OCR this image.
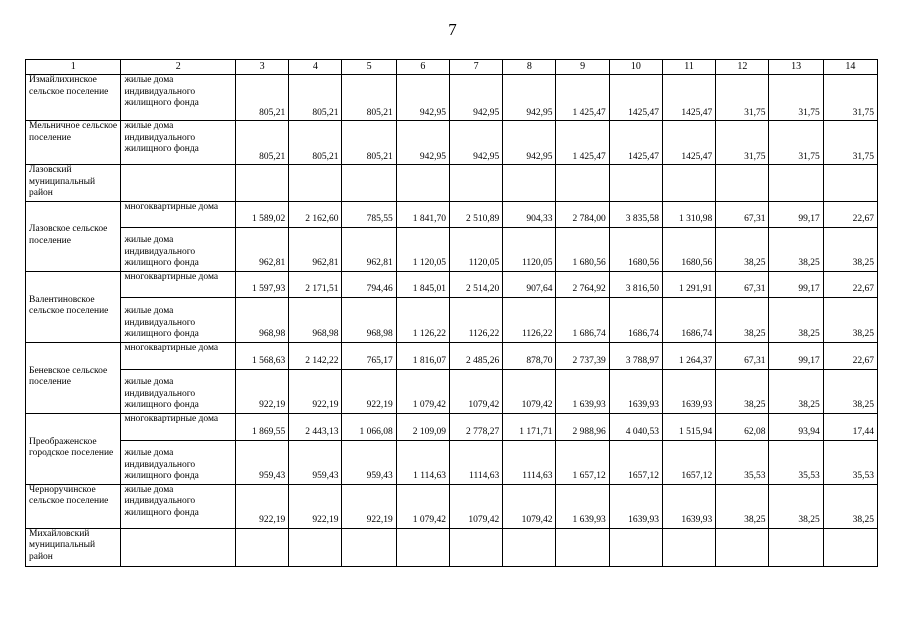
7
1	2	3	4	5	6	7	8	9	10	11	12	13	14
Измайлихинское сельское поселение	жилые дома индивидуального жилищного фонда	805,21	805,21	805,21	942,95	942,95	942,95	1 425,47	1425,47	1425,47	31,75	31,75	31,75
Мельничное сельское поселение	жилые дома индивидуального жилищного фонда	805,21	805,21	805,21	942,95	942,95	942,95	1 425,47	1425,47	1425,47	31,75	31,75	31,75
Лазовский муниципальный район													
Лазовское сельское поселение	многоквартирные дома	1 589,02	2 162,60	785,55	1 841,70	2 510,89	904,33	2 784,00	3 835,58	1 310,98	67,31	99,17	22,67
	жилые дома индивидуального жилищного фонда	962,81	962,81	962,81	1 120,05	1120,05	1120,05	1 680,56	1680,56	1680,56	38,25	38,25	38,25
Валентиновское сельское поселение	многоквартирные дома	1 597,93	2 171,51	794,46	1 845,01	2 514,20	907,64	2 764,92	3 816,50	1 291,91	67,31	99,17	22,67
	жилые дома индивидуального жилищного фонда	968,98	968,98	968,98	1 126,22	1126,22	1126,22	1 686,74	1686,74	1686,74	38,25	38,25	38,25
Беневское сельское поселение	многоквартирные дома	1 568,63	2 142,22	765,17	1 816,07	2 485,26	878,70	2 737,39	3 788,97	1 264,37	67,31	99,17	22,67
	жилые дома индивидуального жилищного фонда	922,19	922,19	922,19	1 079,42	1079,42	1079,42	1 639,93	1639,93	1639,93	38,25	38,25	38,25
Преображенское городское поселение	многоквартирные дома	1 869,55	2 443,13	1 066,08	2 109,09	2 778,27	1 171,71	2 988,96	4 040,53	1 515,94	62,08	93,94	17,44
	жилые дома индивидуального жилищного фонда	959,43	959,43	959,43	1 114,63	1114,63	1114,63	1 657,12	1657,12	1657,12	35,53	35,53	35,53
Черноручинское сельское поселение	жилые дома индивидуального жилищного фонда	922,19	922,19	922,19	1 079,42	1079,42	1079,42	1 639,93	1639,93	1639,93	38,25	38,25	38,25
Михайловский муниципальный район													
